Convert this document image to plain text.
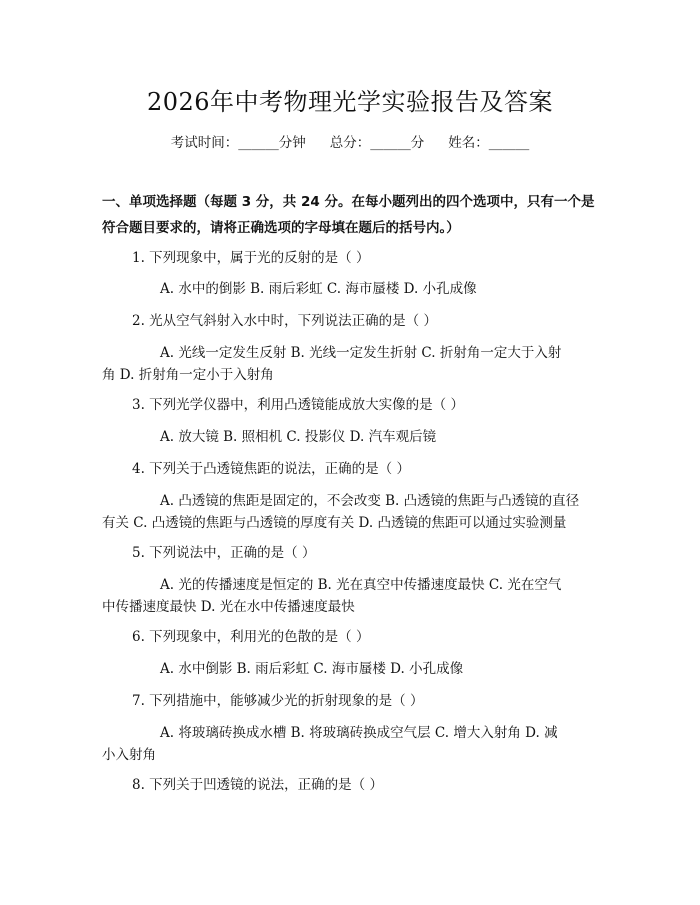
2026年中考物理光学实验报告及答案
考试时间：______分钟 总分：______分 姓名：______
一、单项选择题（每题 3 分，共 24 分。在每小题列出的四个选项中，只有一个是
符合题目要求的，请将正确选项的字母填在题后的括号内。）
1. 下列现象中，属于光的反射的是（ ）
A. 水中的倒影 B. 雨后彩虹 C. 海市蜃楼 D. 小孔成像
2. 光从空气斜射入水中时，下列说法正确的是（ ）
A. 光线一定发生反射 B. 光线一定发生折射 C. 折射角一定大于入射
角 D. 折射角一定小于入射角
3. 下列光学仪器中，利用凸透镜能成放大实像的是（ ）
A. 放大镜 B. 照相机 C. 投影仪 D. 汽车观后镜
4. 下列关于凸透镜焦距的说法，正确的是（ ）
A. 凸透镜的焦距是固定的，不会改变 B. 凸透镜的焦距与凸透镜的直径
有关 C. 凸透镜的焦距与凸透镜的厚度有关 D. 凸透镜的焦距可以通过实验测量
5. 下列说法中，正确的是（ ）
A. 光的传播速度是恒定的 B. 光在真空中传播速度最快 C. 光在空气
中传播速度最快 D. 光在水中传播速度最快
6. 下列现象中，利用光的色散的是（ ）
A. 水中倒影 B. 雨后彩虹 C. 海市蜃楼 D. 小孔成像
7. 下列措施中，能够减少光的折射现象的是（ ）
A. 将玻璃砖换成水槽 B. 将玻璃砖换成空气层 C. 增大入射角 D. 减
小入射角
8. 下列关于凹透镜的说法，正确的是（ ）
